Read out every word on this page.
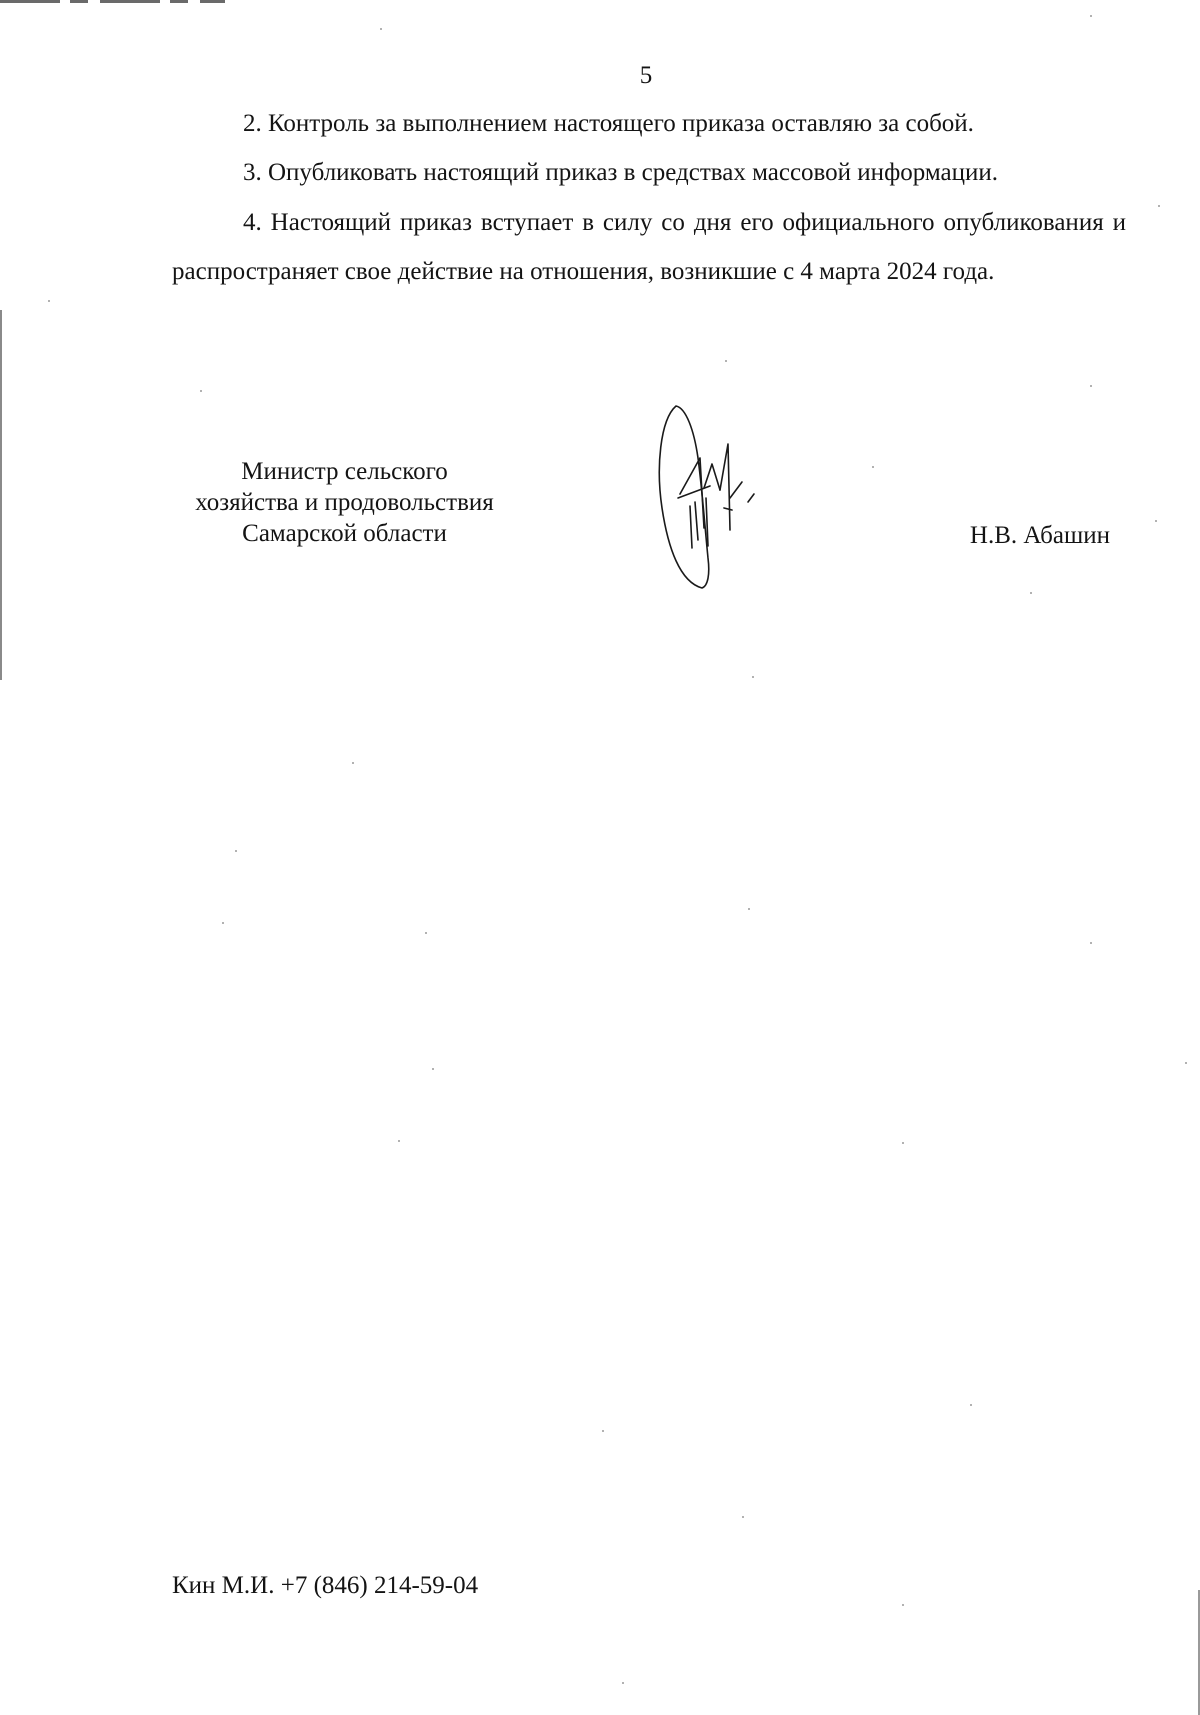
5
2. Контроль за выполнением настоящего приказа оставляю за собой.
3. Опубликовать настоящий приказ в средствах массовой информации.
4. Настоящий приказ вступает в силу со дня его официального опубликования и распространяет свое действие на отношения, возникшие с 4 марта 2024 года.
Министр сельского
хозяйства и продовольствия
Самарской области	Н.В. Абашин
Кин М.И. +7 (846) 214-59-04
